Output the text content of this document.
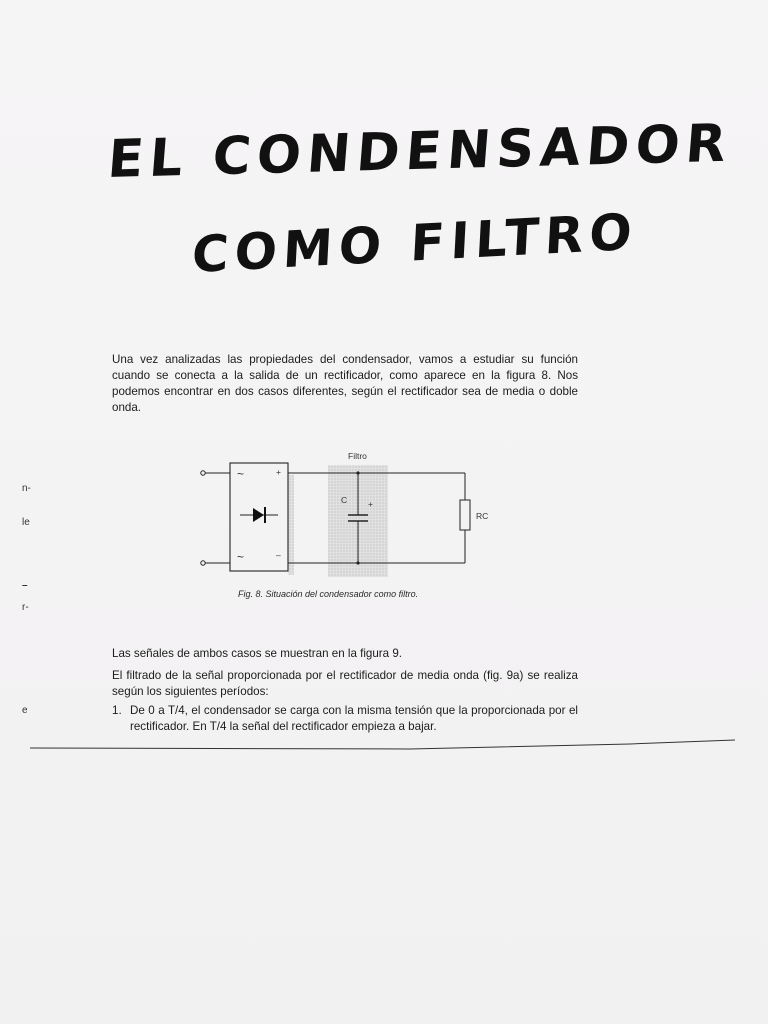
EL CONDENSADOR
COMO FILTRO
Una vez analizadas las propiedades del condensador, vamos a estudiar su función cuando se conecta a la salida de un rectificador, como aparece en la figura 8. Nos podemos encontrar en dos casos diferentes, según el rectificador sea de media o doble onda.
n-
le
–
r-
e
~
~
+
–
Filtro
C +
RC
Fig. 8. Situación del condensador como filtro.
Las señales de ambos casos se muestran en la figura 9.
El filtrado de la señal proporcionada por el rectificador de media onda (fig. 9a) se realiza según los siguientes períodos:
1. De 0 a T/4, el condensador se carga con la misma tensión que la proporcionada por el rectificador. En T/4 la señal del rectificador empieza a bajar.
